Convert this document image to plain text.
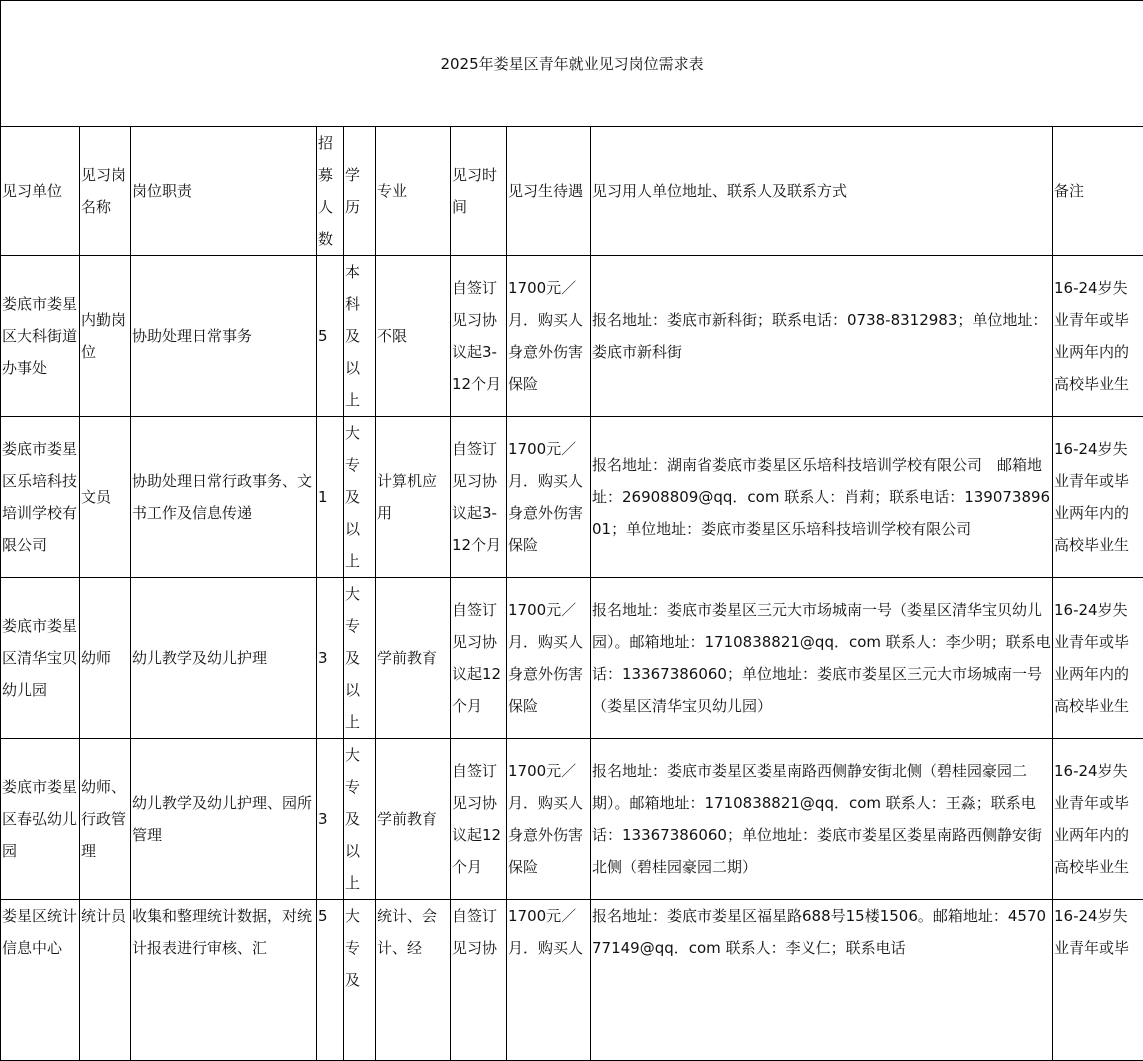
2025年娄星区青年就业见习岗位需求表									
见习单位	见习岗名称	岗位职责	招募人数	学历	专业	见习时间	见习生待遇	见习用人单位地址、联系人及联系方式	备注
娄底市娄星区大科街道办事处	内勤岗位	协助处理日常事务	5	本科及以上	不限	自签订见习协议起3-12个月	1700元／月．购买人身意外伤害保险	报名地址：娄底市新科街；联系电话：0738-8312983；单位地址：娄底市新科街	16-24岁失业青年或毕业两年内的高校毕业生
娄底市娄星区乐培科技培训学校有限公司	文员	协助处理日常行政事务、文书工作及信息传递	1	大专及以上	计算机应用	自签订见习协议起3-12个月	1700元／月．购买人身意外伤害保险	报名地址：湖南省娄底市娄星区乐培科技培训学校有限公司　邮箱地址：26908809@qq．com 联系人：肖莉；联系电话：13907389601；单位地址：娄底市娄星区乐培科技培训学校有限公司	16-24岁失业青年或毕业两年内的高校毕业生
娄底市娄星区清华宝贝幼儿园	幼师	幼儿教学及幼儿护理	3	大专及以上	学前教育	自签订见习协议起12个月	1700元／月．购买人身意外伤害保险	报名地址：娄底市娄星区三元大市场城南一号（娄星区清华宝贝幼儿园）。邮箱地址：1710838821@qq．com 联系人：李少明；联系电话：13367386060；单位地址：娄底市娄星区三元大市场城南一号（娄星区清华宝贝幼儿园）	16-24岁失业青年或毕业两年内的高校毕业生
娄底市娄星区春弘幼儿园	幼师、行政管理	幼儿教学及幼儿护理、园所管理	3	大专及以上	学前教育	自签订见习协议起12个月	1700元／月．购买人身意外伤害保险	报名地址：娄底市娄星区娄星南路西侧静安街北侧（碧桂园豪园二期）。邮箱地址：1710838821@qq．com 联系人：王淼；联系电话：13367386060；单位地址：娄底市娄星区娄星南路西侧静安街北侧（碧桂园豪园二期）	16-24岁失业青年或毕业两年内的高校毕业生
娄星区统计信息中心	统计员	收集和整理统计数据，对统计报表进行审核、汇	5	大专及	统计、会计、经	自签订见习协	1700元／月．购买人	报名地址：娄底市娄星区福星路688号15楼1506。邮箱地址：457077149@qq．com 联系人：李义仁；联系电话	16-24岁失业青年或毕
